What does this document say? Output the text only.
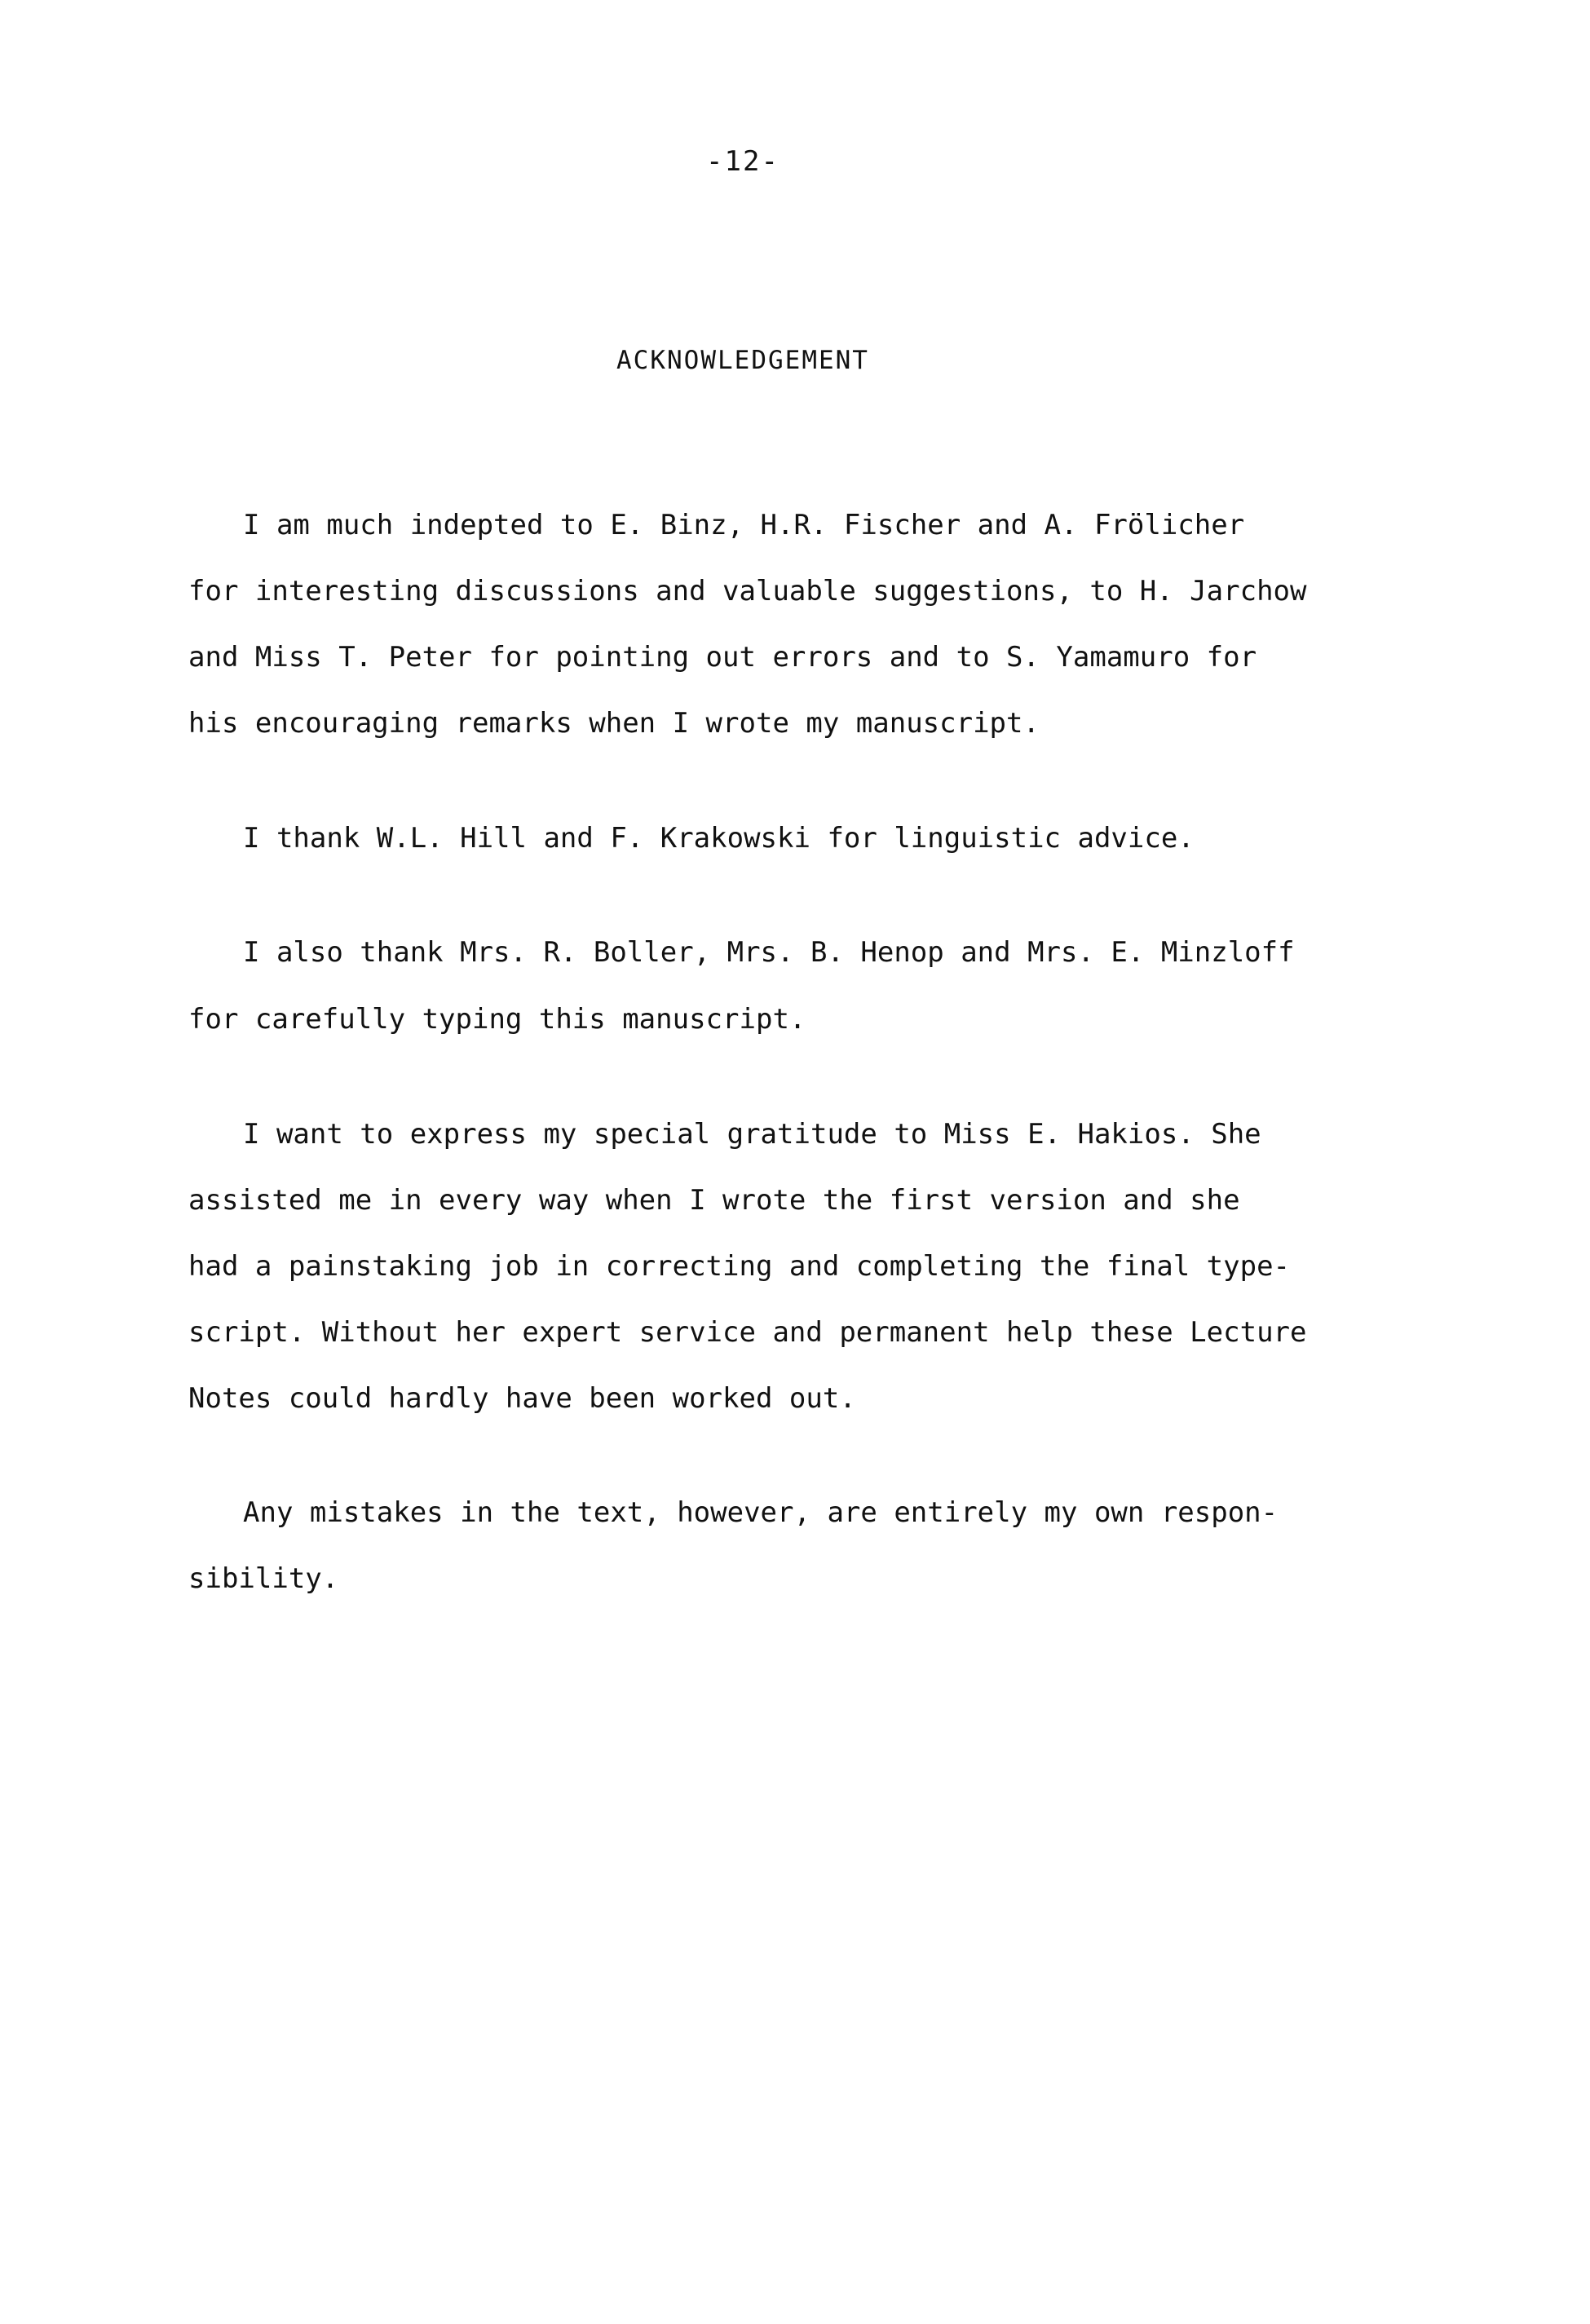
-12-
ACKNOWLEDGEMENT
I am much indepted to E. Binz, H.R. Fischer and A. Frölicher
for interesting discussions and valuable suggestions, to H. Jarchow
and Miss T. Peter for pointing out errors and to S. Yamamuro for
his encouraging remarks when I wrote my manuscript.
I thank W.L. Hill and F. Krakowski for linguistic advice.
I also thank Mrs. R. Boller, Mrs. B. Henop and Mrs. E. Minzloff
for carefully typing this manuscript.
I want to express my special gratitude to Miss E. Hakios. She
assisted me in every way when I wrote the first version and she
had a painstaking job in correcting and completing the final type-
script. Without her expert service and permanent help these Lecture
Notes could hardly have been worked out.
Any mistakes in the text, however, are entirely my own respon-
sibility.
